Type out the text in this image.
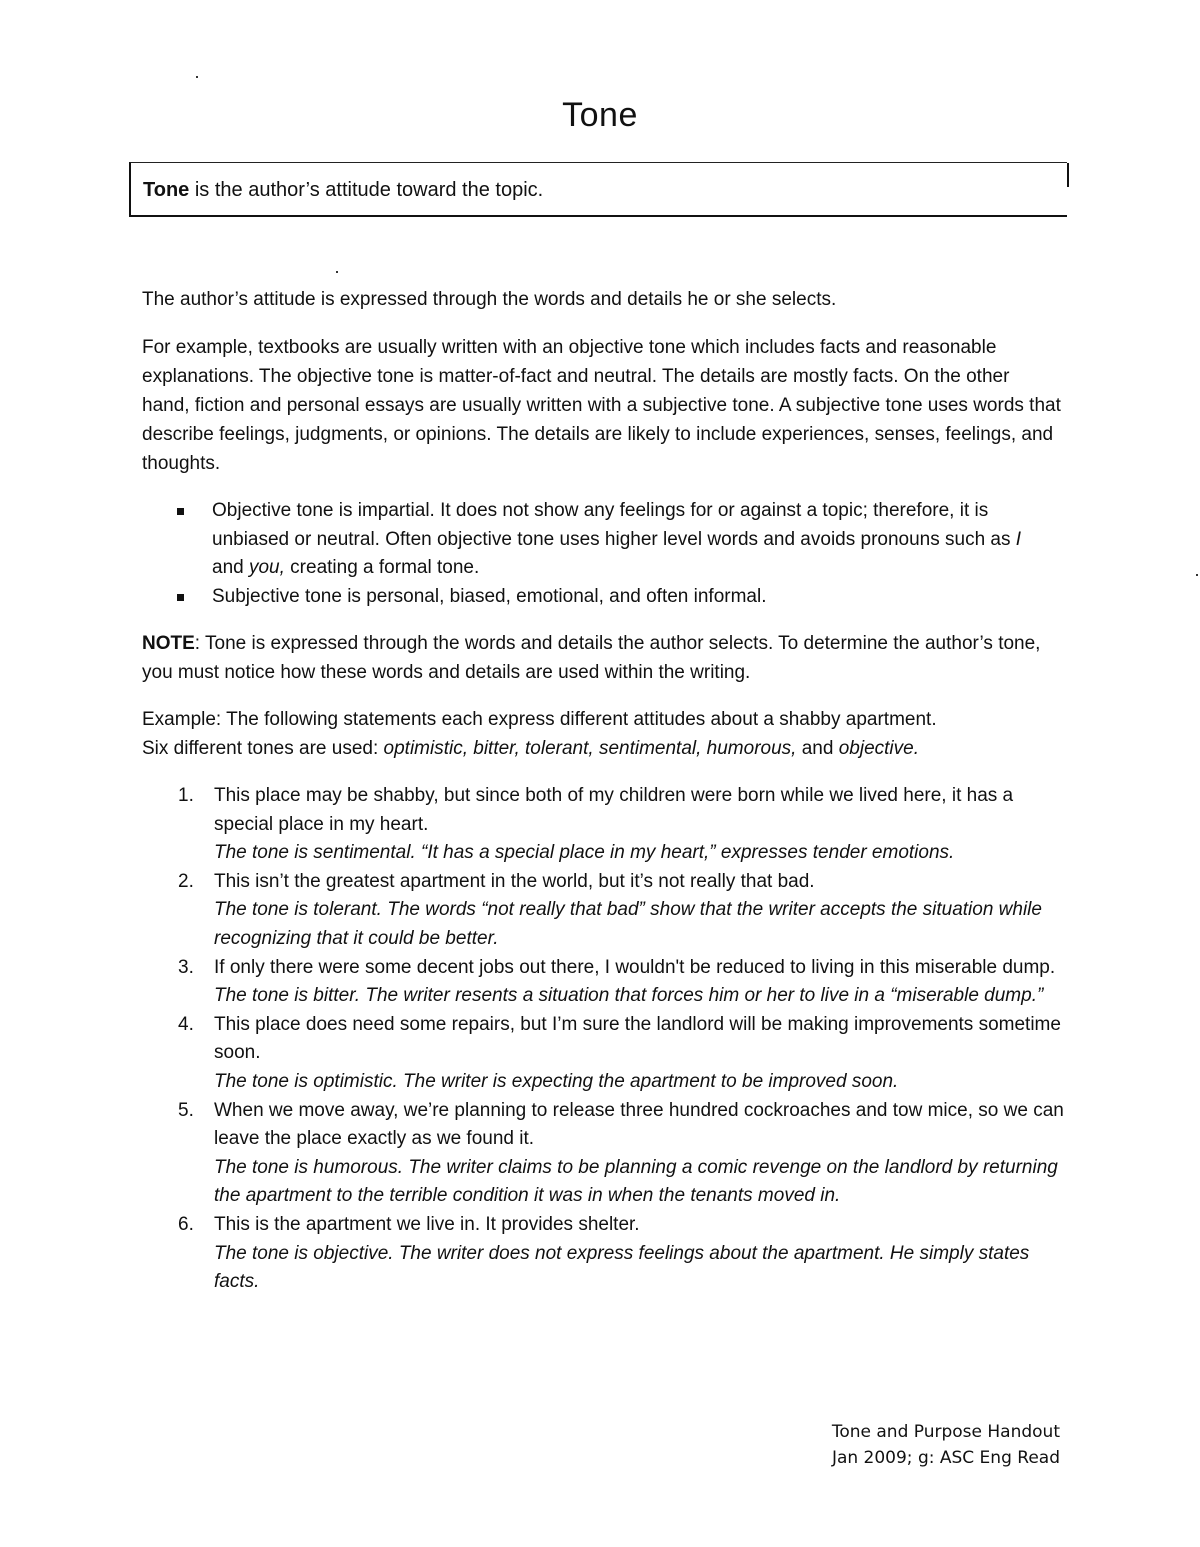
Tone
Tone is the author’s attitude toward the topic.

The author’s attitude is expressed through the words and details he or she selects.

For example, textbooks are usually written with an objective tone which includes facts and reasonable explanations. The objective tone is matter-of-fact and neutral. The details are mostly facts. On the other hand, fiction and personal essays are usually written with a subjective tone. A subjective tone uses words that describe feelings, judgments, or opinions. The details are likely to include experiences, senses, feelings, and thoughts.

Objective tone is impartial. It does not show any feelings for or against a topic; therefore, it is unbiased or neutral. Often objective tone uses higher level words and avoids pronouns such as I and you, creating a formal tone.
Subjective tone is personal, biased, emotional, and often informal.

NOTE: Tone is expressed through the words and details the author selects. To determine the author’s tone, you must notice how these words and details are used within the writing.

Example: The following statements each express different attitudes about a shabby apartment.
Six different tones are used: optimistic, bitter, tolerant, sentimental, humorous, and objective.

1. This place may be shabby, but since both of my children were born while we lived here, it has a special place in my heart.
The tone is sentimental. “It has a special place in my heart,” expresses tender emotions.
2. This isn’t the greatest apartment in the world, but it’s not really that bad.
The tone is tolerant. The words “not really that bad” show that the writer accepts the situation while recognizing that it could be better.
3. If only there were some decent jobs out there, I wouldn't be reduced to living in this miserable dump.
The tone is bitter. The writer resents a situation that forces him or her to live in a “miserable dump.”
4. This place does need some repairs, but I’m sure the landlord will be making improvements sometime soon.
The tone is optimistic. The writer is expecting the apartment to be improved soon.
5. When we move away, we’re planning to release three hundred cockroaches and tow mice, so we can leave the place exactly as we found it.
The tone is humorous. The writer claims to be planning a comic revenge on the landlord by returning the apartment to the terrible condition it was in when the tenants moved in.
6. This is the apartment we live in. It provides shelter.
The tone is objective. The writer does not express feelings about the apartment. He simply states facts.
Tone and Purpose Handout
Jan 2009; g: ASC Eng Read
